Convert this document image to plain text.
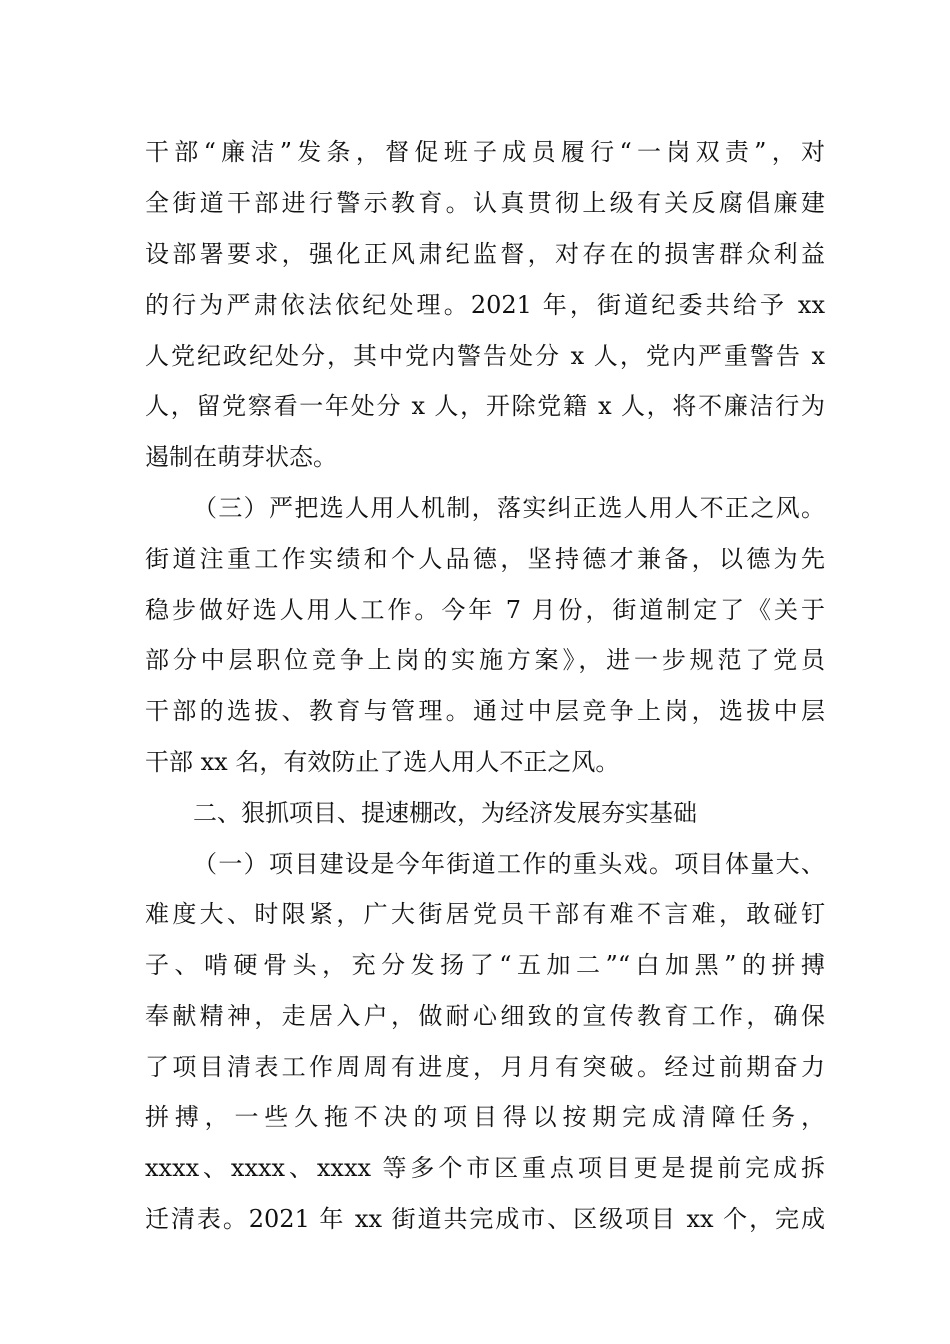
干部“廉洁”发条，督促班子成员履行“一岗双责”，对
全街道干部进行警示教育。认真贯彻上级有关反腐倡廉建
设部署要求，强化正风肃纪监督，对存在的损害群众利益
的行为严肃依法依纪处理。2021 年，街道纪委共给予 xx
人党纪政纪处分，其中党内警告处分 x 人，党内严重警告 x
人，留党察看一年处分 x 人，开除党籍 x 人，将不廉洁行为
遏制在萌芽状态。
（三）严把选人用人机制，落实纠正选人用人不正之风。
街道注重工作实绩和个人品德，坚持德才兼备，以德为先
稳步做好选人用人工作。今年 7 月份，街道制定了《关于
部分中层职位竞争上岗的实施方案》，进一步规范了党员
干部的选拔、教育与管理。通过中层竞争上岗，选拔中层
干部 xx 名，有效防止了选人用人不正之风。
二、狠抓项目、提速棚改，为经济发展夯实基础
（一）项目建设是今年街道工作的重头戏。项目体量大、
难度大、时限紧，广大街居党员干部有难不言难，敢碰钉
子、啃硬骨头，充分发扬了“五加二”“白加黑”的拼搏
奉献精神，走居入户，做耐心细致的宣传教育工作，确保
了项目清表工作周周有进度，月月有突破。经过前期奋力
拼搏，一些久拖不决的项目得以按期完成清障任务，
xxxx、xxxx、xxxx 等多个市区重点项目更是提前完成拆
迁清表。2021 年 xx 街道共完成市、区级项目 xx 个，完成
